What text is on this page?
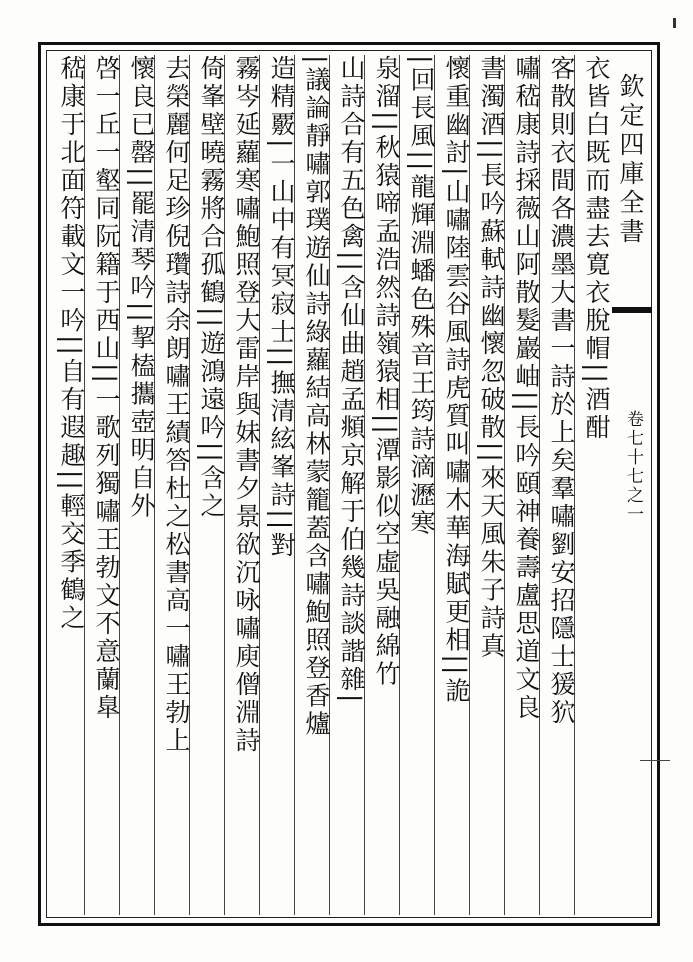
欽定四庫全書
卷七十七之一
衣皆白既而盡去寛衣脫帽||酒酣
客散則衣間各濃墨大書一詩於上矣羣嘯劉安招隱士猨狖
嘯嵇康詩採薇山阿散髮巖岫||長吟頤神養壽盧思道文良
書濁酒||長吟蘇軾詩幽懷忽破散||來天風朱子詩真
懷重幽討|山嘯陸雲谷風詩虎質叫嘯木華海賦更相||詭
|回長風||龍輝淵蟠色殊音王筠詩滴瀝寒
泉溜||秋猿啼孟浩然詩嶺猿相||潭影似空虛吳融綿竹
山詩合有五色禽||含仙曲趙孟頫京解于伯幾詩談諧雜|
|議論靜嘯郭璞遊仙詩綠蘿結高林蒙籠蓋含嘯鮑照登香爐
造精覈|一山中有冥寂士||撫清絃峯詩||對
霧岑延蘿寒嘯鮑照登大雷岸與妹書夕景欲沉咏嘯庾僧淵詩
倚峯壁曉霧將合孤鶴||遊鴻遠吟||含之
去榮麗何足珍倪瓚詩余朗嘯王績答杜之松書高一嘯王勃上
懷良已罄||罷清琴吟||挈榼攜壺明自外
啓一丘一壑同阮籍于西山||一歌列獨嘯王勃文不意蘭臯
嵇康于北面符載文一吟||自有遐趣||輕交季鶴之
